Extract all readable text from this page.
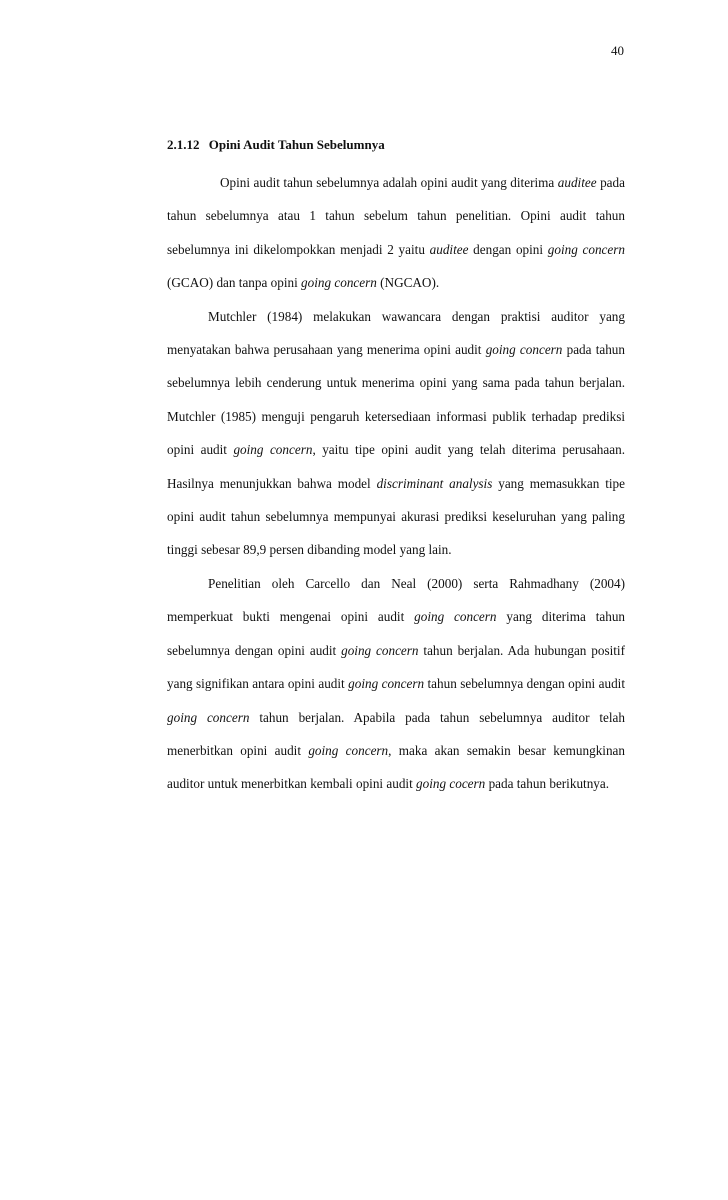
40
2.1.12 Opini Audit Tahun Sebelumnya

Opini audit tahun sebelumnya adalah opini audit yang diterima auditee pada tahun sebelumnya atau 1 tahun sebelum tahun penelitian. Opini audit tahun sebelumnya ini dikelompokkan menjadi 2 yaitu auditee dengan opini going concern (GCAO) dan tanpa opini going concern (NGCAO).

Mutchler (1984) melakukan wawancara dengan praktisi auditor yang menyatakan bahwa perusahaan yang menerima opini audit going concern pada tahun sebelumnya lebih cenderung untuk menerima opini yang sama pada tahun berjalan. Mutchler (1985) menguji pengaruh ketersediaan informasi publik terhadap prediksi opini audit going concern, yaitu tipe opini audit yang telah diterima perusahaan. Hasilnya menunjukkan bahwa model discriminant analysis yang memasukkan tipe opini audit tahun sebelumnya mempunyai akurasi prediksi keseluruhan yang paling tinggi sebesar 89,9 persen dibanding model yang lain.

Penelitian oleh Carcello dan Neal (2000) serta Rahmadhany (2004) memperkuat bukti mengenai opini audit going concern yang diterima tahun sebelumnya dengan opini audit going concern tahun berjalan. Ada hubungan positif yang signifikan antara opini audit going concern tahun sebelumnya dengan opini audit going concern tahun berjalan. Apabila pada tahun sebelumnya auditor telah menerbitkan opini audit going concern, maka akan semakin besar kemungkinan auditor untuk menerbitkan kembali opini audit going cocern pada tahun berikutnya.
